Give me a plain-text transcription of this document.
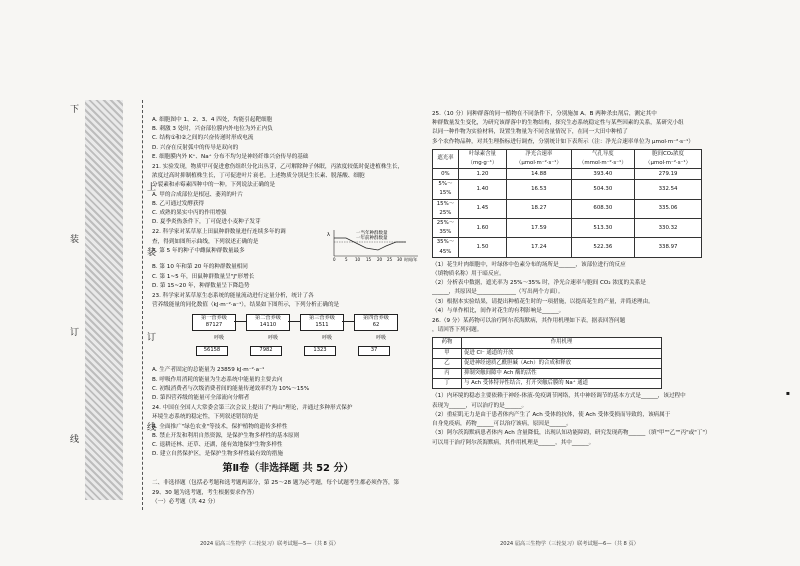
下
上
装
装
订	订
线
线

A. 细胞图中 1、2、3、4 四处，均能引起靶细胞

B. 刺激 3 处时，兴奋部位膜内外电位为外正内负

C. 结构①和②之间的兴奋传递时形成电流

D. 兴奋在反射弧中的传导是双向的

E. 细胞膜内外 K⁺、Na⁺ 分布不均匀是神经纤维兴奋传导的基础

21. 实验发现，物质甲可促进愈伤组织分化出丛芽，乙可解除种子休眠，丙浓度较低时促进植株生长，

浓度过高时抑制植株生长，丁可促进叶片衰老。上述物质分别是生长素、脱落酸、细胞

分裂素和赤霉素四种中的一种。下列说法正确的是

A. 甲的合成部位是根冠、萎蔫的叶片

B. 乙可通过发酵获得

C. 成熟的果实中丙的作用增强

D. 夏季炎热条件下，丁可促进小麦种子发芽

22. 科学家对某草原上田鼠种群数量进行连续多年的调

查，得到如图所示曲线，下列叙述正确的是

A. 第 5 年的种子中雌鼠种群数量最多

λ	一当年种群数量
一年前种群数量
0 5 10 15 20 25 30 时间/年

B. 第 10 年和第 20 年的种群数量相同

C. 第 1~5 年，田鼠种群数量呈"J"形增长

D. 第 15~20 年，种群数量呈下降趋势

23. 科学家对某草原生态系统的能量流动进行定量分析，统计了各

营养级能量的同化数值（kJ·m⁻²·a⁻¹），结果如下图所示，下列分析正确的是

第一营养级
87127
第二营养级
14110
第三营养级
1511
第四营养级
62
呼吸	呼吸	呼吸	呼吸
56158	7982	1323	37

A. 生产者固定的总能量为 23859 kJ·m⁻²·a⁻¹

B. 呼吸作用消耗的能量为生态系统中能量的主要去向

C. 初级消费者与次级消费者间的能量传递效率约为 10%～15%

D. 第四营养级的能量可全部流向分解者

24. 中国在全国人大常委会第三次会议上提出了"两山"理论，并通过多种形式保护

环境生态系统的稳定性，下列叙述错误的是

A. 全面推广"绿色农业"等技术，保护植物的遗传多样性

B. 禁止开发和利用自然资源，是保护生物多样性的基本原则

C. 退耕还林、还草、还湖，能有效地保护生物多样性

D. 建立自然保护区，是保护生物多样性最有效的措施

第Ⅱ卷（非选择题 共 52 分）

二、非选择题（包括必考题和选考题两部分，第 25～28 题为必考题，每个试题考生都必须作答，第

29、30 题为选考题，考生根据要求作答）

（一）必考题（共 42 分）

2024 届高三生物学（三轮复习）联考试题—5—（共 8 页）

25.（10 分）同种群落的同一植物在不同条件下，分别施加 A、B 两种杀虫剂后，测定其中

种群数量发生变化，为研究该群落中的生物结构，探究生态系统稳定性与某些因素的关系，某研究小组

以同一种作物为实验材料，设置生物量为不同含量情况下，在同一大田中种植了

多个农作物品种，对其生理指标进行调查，分别统计如下表所示（注：净光合速率单位为 μmol·m⁻²·s⁻¹）

遮光率	叶绿素含量（mg·g⁻¹）	净光合速率（μmol·m⁻²·s⁻¹）	气孔导度（mmol·m⁻²·s⁻¹）	胞间CO₂浓度（μmol·m⁻²·s⁻¹）
0%	1.20	14.88	393.40	279.19
5%～15%	1.40	16.53	504.30	332.54
15%～25%	1.45	18.27	608.30	335.06
25%～35%	1.60	17.59	513.30	330.32
35%～45%	1.50	17.24	522.36	338.97

（1）花生叶肉细胞中，叶绿体中色素分布的场所是______，该部位进行的反应

（填物质名称）用于暗反应。

（2）分析表中数据，遮光率为 25%～35% 时，净光合速率与胞间 CO₂ 浓度的关系是

______，其原因是______________（写出两个方面）。

（3）根据本实验结果，请提出种植花生时的一项措施，以提高花生的产量，并简述理由。

（4）与单作相比，间作对花生的有利影响是______。

26.（9 分）某药物可以治疗阿尔茨海默病，其作用机理如下表，据表回答问题

，请回答下列问题。

药物	作用机理
甲	促进 CI⁻ 通道的开放
乙	促进神经递质乙酰胆碱（Ach）的合成和释放
丙	抑制突触间隙中 Ach 酶的活性
丁	与 Ach 受体特异性结合，打开突触后膜的 Na⁺ 通道

（1）内环境的稳态主要依赖于神经-体液-免疫调节网络，其中神经调节的基本方式是______，该过程中

表现为______，可以治疗的是______。

（2）重症肌无力是由于患者体内产生了 Ach 受体的抗体，使 Ach 受体受损而导致的，该病属于

自身免疫病，药物______可以治疗该病，原因是______。

（3）阿尔茨海默病患者体内 Ach 含量降低，出现认知功能障碍，研究发现药物______（填"甲""乙""丙"或"丁"）

可以用于治疗阿尔茨海默病，其作用机理是______，其中______。

2024 届高三生物学（三轮复习）联考试题—6—（共 8 页）
▪
